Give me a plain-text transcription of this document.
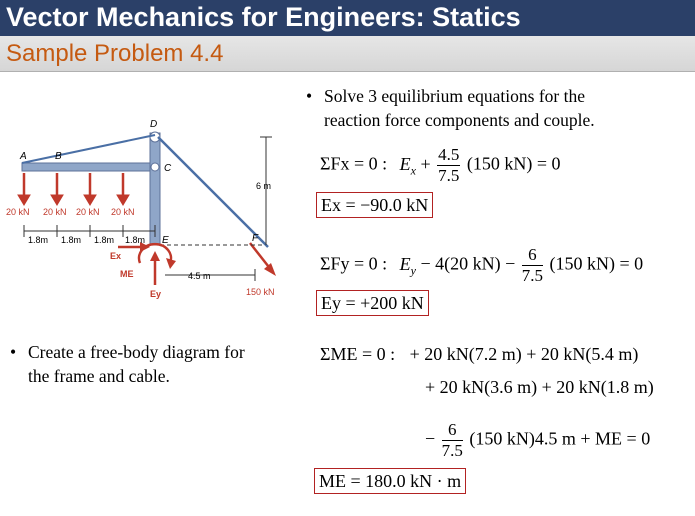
Vector Mechanics for Engineers: Statics
Sample Problem 4.4
A	B
C
D
E	F
20 kN 20 kN 20 kN 20 kN
1.8m 1.8m 1.8m 1.8m
6 m
4.5 m
150 kN
Ex
ME
Ey
• Solve 3 equilibrium equations for the
reaction force components and couple.
• Create a free-body diagram for
the frame and cable.
ΣFx = 0 : $E_x + \frac{4.5}{7.5} (150$ kN) = 0
Ex = −90.0 kN
ΣFy = 0 : $E_y - 4(20$ $kN) - \frac{6}{7.5} (150$ kN) = 0
Ey = +200 kN
ΣME = 0 : + 20 kN(7.2 m) + 20 kN(5.4 m)
+ 20 kN(3.6 m) + 20 kN(1.8 m)
− $\frac{6}{7.5} (150$ kN)4.5 m + ME = 0
ME = 180.0 kN · m
